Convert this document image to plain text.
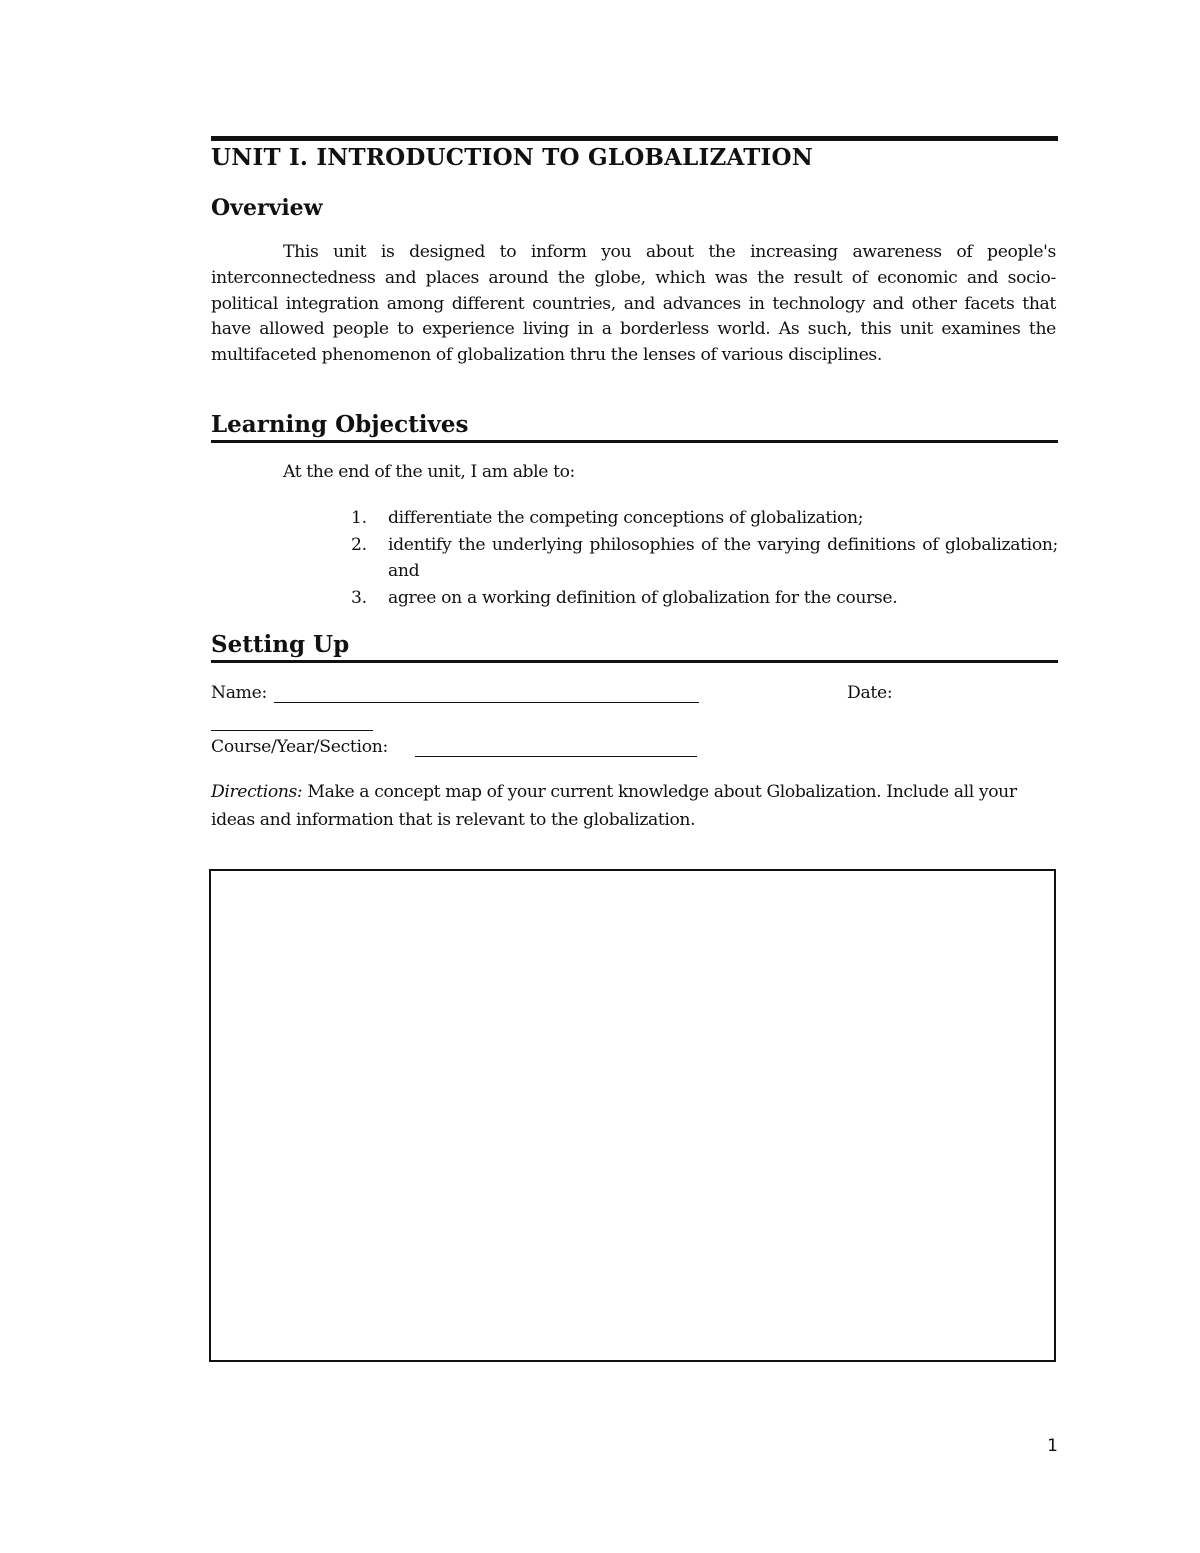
UNIT I. INTRODUCTION TO GLOBALIZATION
Overview

This unit is designed to inform you about the increasing awareness of people's interconnectedness and places around the globe, which was the result of economic and socio-political integration among different countries, and advances in technology and other facets that have allowed people to experience living in a borderless world. As such, this unit examines the multifaceted phenomenon of globalization thru the lenses of various disciplines.

Learning Objectives
At the end of the unit, I am able to:
1. differentiate the competing conceptions of globalization;
2. identify the underlying philosophies of the varying definitions of globalization; and
3. agree on a working definition of globalization for the course.
Setting Up
Name:	Date:
Course/Year/Section:

Directions: Make a concept map of your current knowledge about Globalization. Include all your ideas and information that is relevant to the globalization.

1
